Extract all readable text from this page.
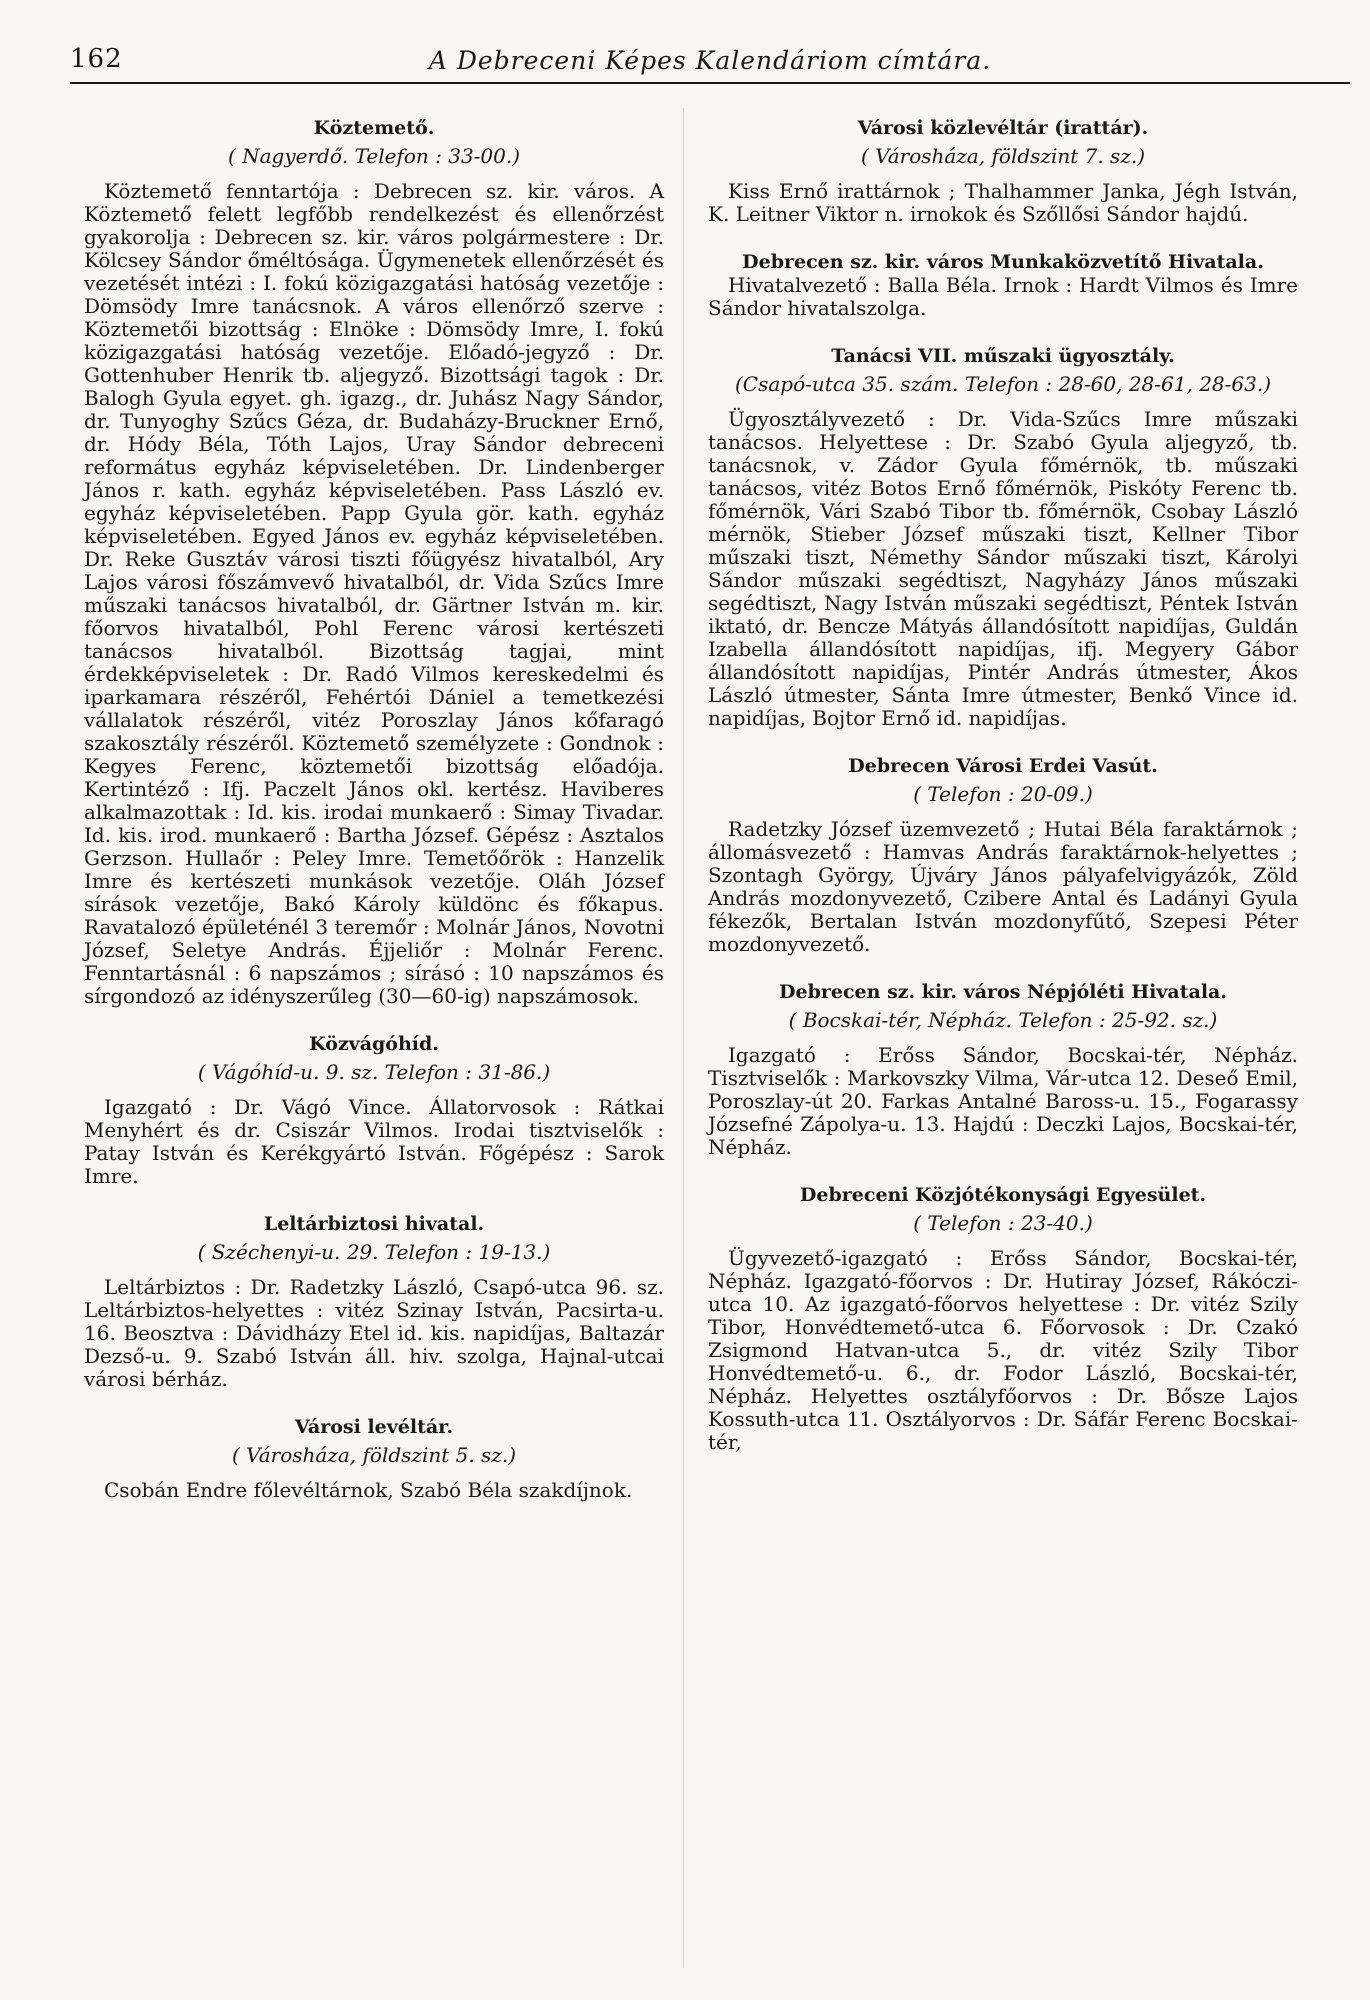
162	A Debreceni Képes Kalendáriom címtára.

Köztemető.

( Nagyerdő. Telefon : 33-00.)

Köztemető fenntartója : Debrecen sz. kir. város. A Köztemető felett legfőbb rendelkezést és ellenőrzést gyakorolja : Debrecen sz. kir. város polgármestere : Dr. Kölcsey Sándor őméltósága. Ügymenetek ellenőrzését és vezetését intézi : I. fokú közigazgatási hatóság vezetője : Dömsödy Imre tanácsnok. A város ellenőrző szerve : Köztemetői bizottság : Elnöke : Dömsödy Imre, I. fokú közigazgatási hatóság vezetője. Előadó-jegyző : Dr. Gottenhuber Henrik tb. aljegyző. Bizottsági tagok : Dr. Balogh Gyula egyet. gh. igazg., dr. Juhász Nagy Sándor, dr. Tunyoghy Szűcs Géza, dr. Budaházy-Bruckner Ernő, dr. Hódy Béla, Tóth Lajos, Uray Sándor debreceni református egyház képviseletében. Dr. Lindenberger János r. kath. egyház képviseletében. Pass László ev. egyház képviseletében. Papp Gyula gör. kath. egyház képviseletében. Egyed János ev. egyház képviseletében. Dr. Reke Gusztáv városi tiszti főügyész hivatalból, Ary Lajos városi főszámvevő hivatalból, dr. Vida Szűcs Imre műszaki tanácsos hivatalból, dr. Gärtner István m. kir. főorvos hivatalból, Pohl Ferenc városi kertészeti tanácsos hivatalból. Bizottság tagjai, mint érdekképviseletek : Dr. Radó Vilmos kereskedelmi és iparkamara részéről, Fehértói Dániel a temetkezési vállalatok részéről, vitéz Poroszlay János kőfaragó szakosztály részéről. Köztemető személyzete : Gondnok : Kegyes Ferenc, köztemetői bizottság előadója. Kertintéző : Ifj. Paczelt János okl. kertész. Haviberes alkalmazottak : Id. kis. irodai munkaerő : Simay Tivadar. Id. kis. irod. munkaerő : Bartha József. Gépész : Asztalos Gerzson. Hullaőr : Peley Imre. Temetőőrök : Hanzelik Imre és kertészeti munkások vezetője. Oláh József sírások vezetője, Bakó Károly küldönc és főkapus. Ravatalozó épületénél 3 teremőr : Molnár János, Novotni József, Seletye András. Éjjeliőr : Molnár Ferenc. Fenntartásnál : 6 napszámos ; sírásó : 10 napszámos és sírgondozó az idényszerűleg (30—60-ig) napszámosok.

Közvágóhíd.

( Vágóhíd-u. 9. sz. Telefon : 31-86.)

Igazgató : Dr. Vágó Vince. Állatorvosok : Rátkai Menyhért és dr. Csiszár Vilmos. Irodai tisztviselők : Patay István és Kerékgyártó István. Főgépész : Sarok Imre.

Leltárbiztosi hivatal.

( Széchenyi-u. 29. Telefon : 19-13.)

Leltárbiztos : Dr. Radetzky László, Csapó-utca 96. sz. Leltárbiztos-helyettes : vitéz Szinay István, Pacsirta-u. 16. Beosztva : Dávidházy Etel id. kis. napidíjas, Baltazár Dezső-u. 9. Szabó István áll. hiv. szolga, Hajnal-utcai városi bérház.

Városi levéltár.

( Városháza, földszint 5. sz.)

Csobán Endre főlevéltárnok, Szabó Béla szakdíjnok.

Városi közlevéltár (irattár).

( Városháza, földszint 7. sz.)

Kiss Ernő irattárnok ; Thalhammer Janka, Jégh István, K. Leitner Viktor n. irnokok és Szőllősi Sándor hajdú.

Debrecen sz. kir. város Munkaközvetítő Hivatala.

Hivatalvezető : Balla Béla. Irnok : Hardt Vilmos és Imre Sándor hivatalszolga.

Tanácsi VII. műszaki ügyosztály.

(Csapó-utca 35. szám. Telefon : 28-60, 28-61, 28-63.)

Ügyosztályvezető : Dr. Vida-Szűcs Imre műszaki tanácsos. Helyettese : Dr. Szabó Gyula aljegyző, tb. tanácsnok, v. Zádor Gyula főmérnök, tb. műszaki tanácsos, vitéz Botos Ernő főmérnök, Piskóty Ferenc tb. főmérnök, Vári Szabó Tibor tb. főmérnök, Csobay László mérnök, Stieber József műszaki tiszt, Kellner Tibor műszaki tiszt, Némethy Sándor műszaki tiszt, Károlyi Sándor műszaki segédtiszt, Nagyházy János műszaki segédtiszt, Nagy István műszaki segédtiszt, Péntek István iktató, dr. Bencze Mátyás állandósított napidíjas, Guldán Izabella állandósított napidíjas, ifj. Megyery Gábor állandósított napidíjas, Pintér András útmester, Ákos László útmester, Sánta Imre útmester, Benkő Vince id. napidíjas, Bojtor Ernő id. napidíjas.

Debrecen Városi Erdei Vasút.

( Telefon : 20-09.)

Radetzky József üzemvezető ; Hutai Béla faraktárnok ; állomásvezető : Hamvas András faraktárnok-helyettes ; Szontagh György, Újváry János pályafelvigyázók, Zöld András mozdonyvezető, Czibere Antal és Ladányi Gyula fékezők, Bertalan István mozdonyfűtő, Szepesi Péter mozdonyvezető.

Debrecen sz. kir. város Népjóléti Hivatala.

( Bocskai-tér, Népház. Telefon : 25-92. sz.)

Igazgató : Erőss Sándor, Bocskai-tér, Népház. Tisztviselők : Markovszky Vilma, Vár-utca 12. Deseő Emil, Poroszlay-út 20. Farkas Antalné Baross-u. 15., Fogarassy Józsefné Zápolya-u. 13. Hajdú : Deczki Lajos, Bocskai-tér, Népház.

Debreceni Közjótékonysági Egyesület.

( Telefon : 23-40.)

Ügyvezető-igazgató : Erőss Sándor, Bocskai-tér, Népház. Igazgató-főorvos : Dr. Hutiray József, Rákóczi-utca 10. Az igazgató-főorvos helyettese : Dr. vitéz Szily Tibor, Honvédtemető-utca 6. Főorvosok : Dr. Czakó Zsigmond Hatvan-utca 5., dr. vitéz Szily Tibor Honvédtemető-u. 6., dr. Fodor László, Bocskai-tér, Népház. Helyettes osztályfőorvos : Dr. Bősze Lajos Kossuth-utca 11. Osztályorvos : Dr. Sáfár Ferenc Bocskai-tér,
